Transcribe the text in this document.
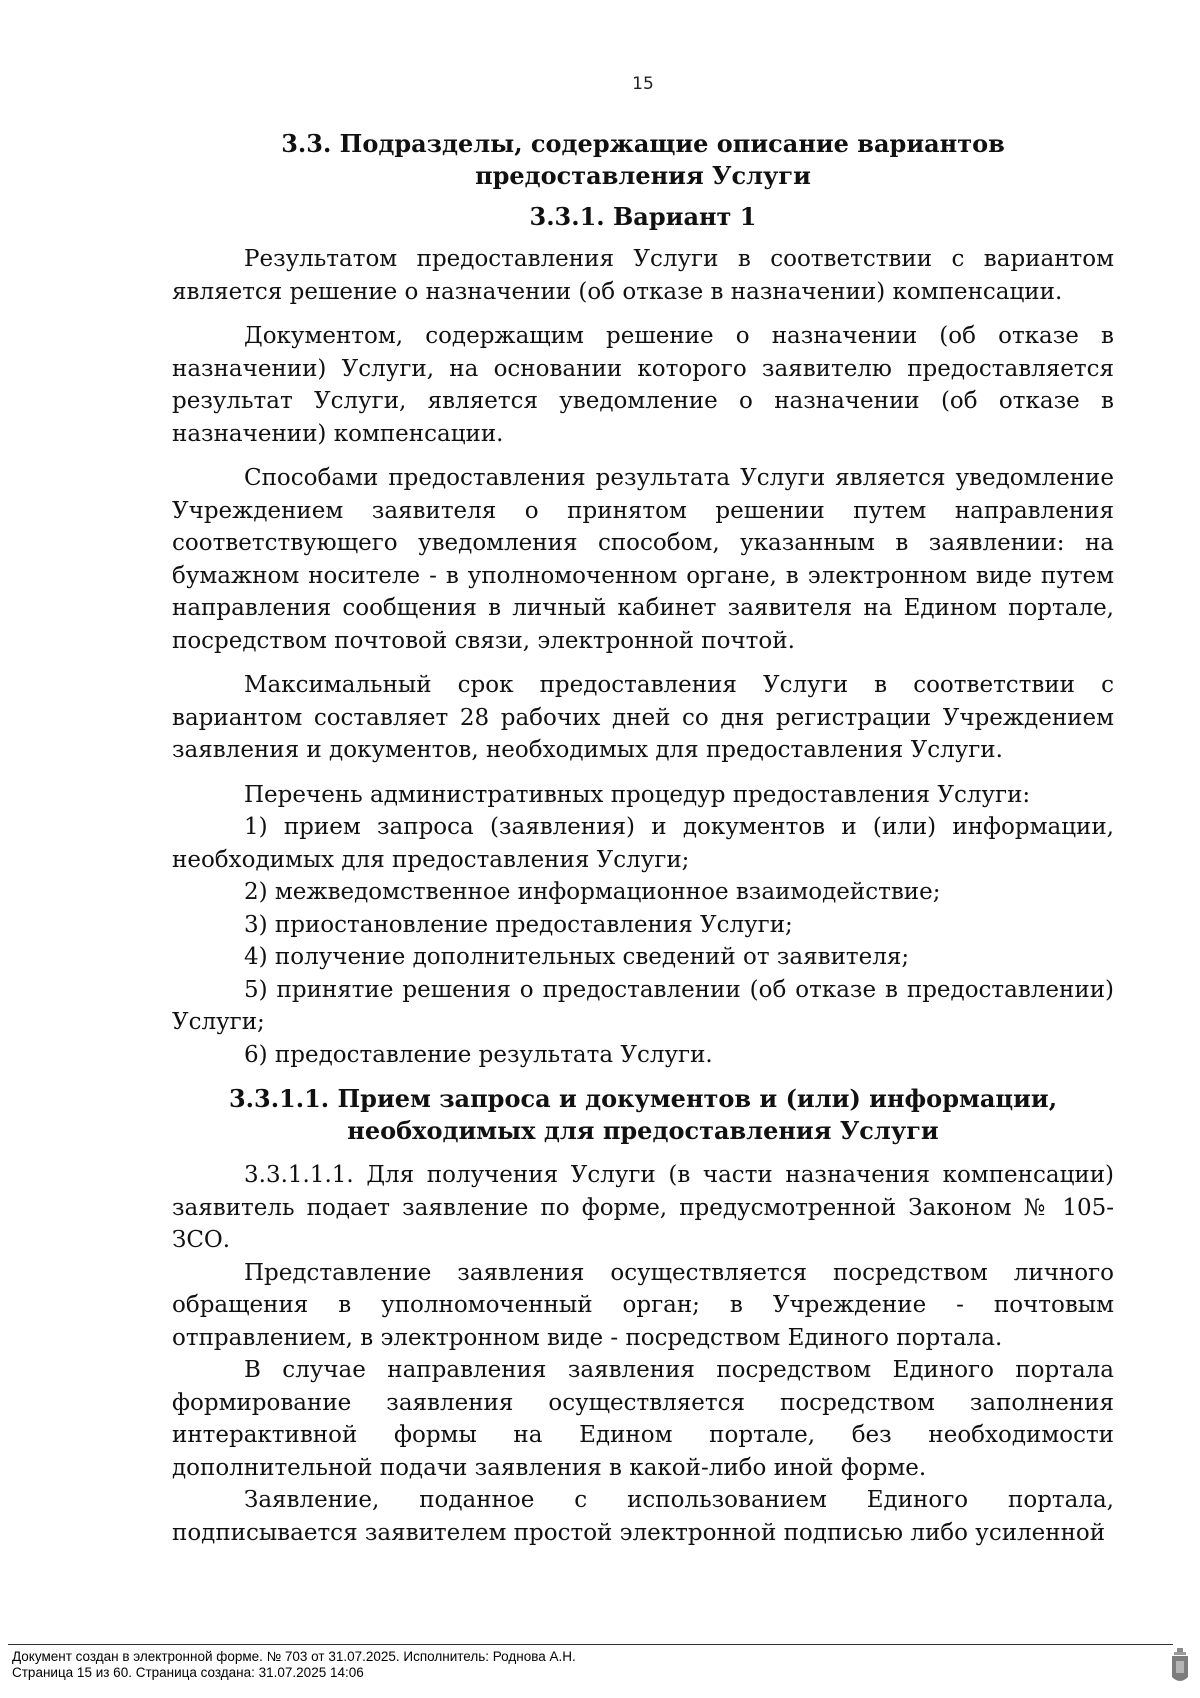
15
3.3. Подразделы, содержащие описание вариантов предоставления Услуги
3.3.1. Вариант 1
Результатом предоставления Услуги в соответствии с вариантом является решение о назначении (об отказе в назначении) компенсации.
Документом, содержащим решение о назначении (об отказе в назначении) Услуги, на основании которого заявителю предоставляется результат Услуги, является уведомление о назначении (об отказе в назначении) компенсации.
Способами предоставления результата Услуги является уведомление Учреждением заявителя о принятом решении путем направления соответствующего уведомления способом, указанным в заявлении: на бумажном носителе - в уполномоченном органе, в электронном виде путем направления сообщения в личный кабинет заявителя на Едином портале, посредством почтовой связи, электронной почтой.
Максимальный срок предоставления Услуги в соответствии с вариантом составляет 28 рабочих дней со дня регистрации Учреждением заявления и документов, необходимых для предоставления Услуги.
Перечень административных процедур предоставления Услуги:
1) прием запроса (заявления) и документов и (или) информации, необходимых для предоставления Услуги;
2) межведомственное информационное взаимодействие;
3) приостановление предоставления Услуги;
4) получение дополнительных сведений от заявителя;
5) принятие решения о предоставлении (об отказе в предоставлении) Услуги;
6) предоставление результата Услуги.
3.3.1.1. Прием запроса и документов и (или) информации, необходимых для предоставления Услуги
3.3.1.1.1. Для получения Услуги (в части назначения компенсации) заявитель подает заявление по форме, предусмотренной Законом № 105-ЗСО.
Представление заявления осуществляется посредством личного обращения в уполномоченный орган; в Учреждение - почтовым отправлением, в электронном виде - посредством Единого портала.
В случае направления заявления посредством Единого портала формирование заявления осуществляется посредством заполнения интерактивной формы на Едином портале, без необходимости дополнительной подачи заявления в какой-либо иной форме.
Заявление, поданное с использованием Единого портала, подписывается заявителем простой электронной подписью либо усиленной
Документ создан в электронной форме. № 703 от 31.07.2025. Исполнитель: Роднова А.Н.
Страница 15 из 60. Страница создана: 31.07.2025 14:06
